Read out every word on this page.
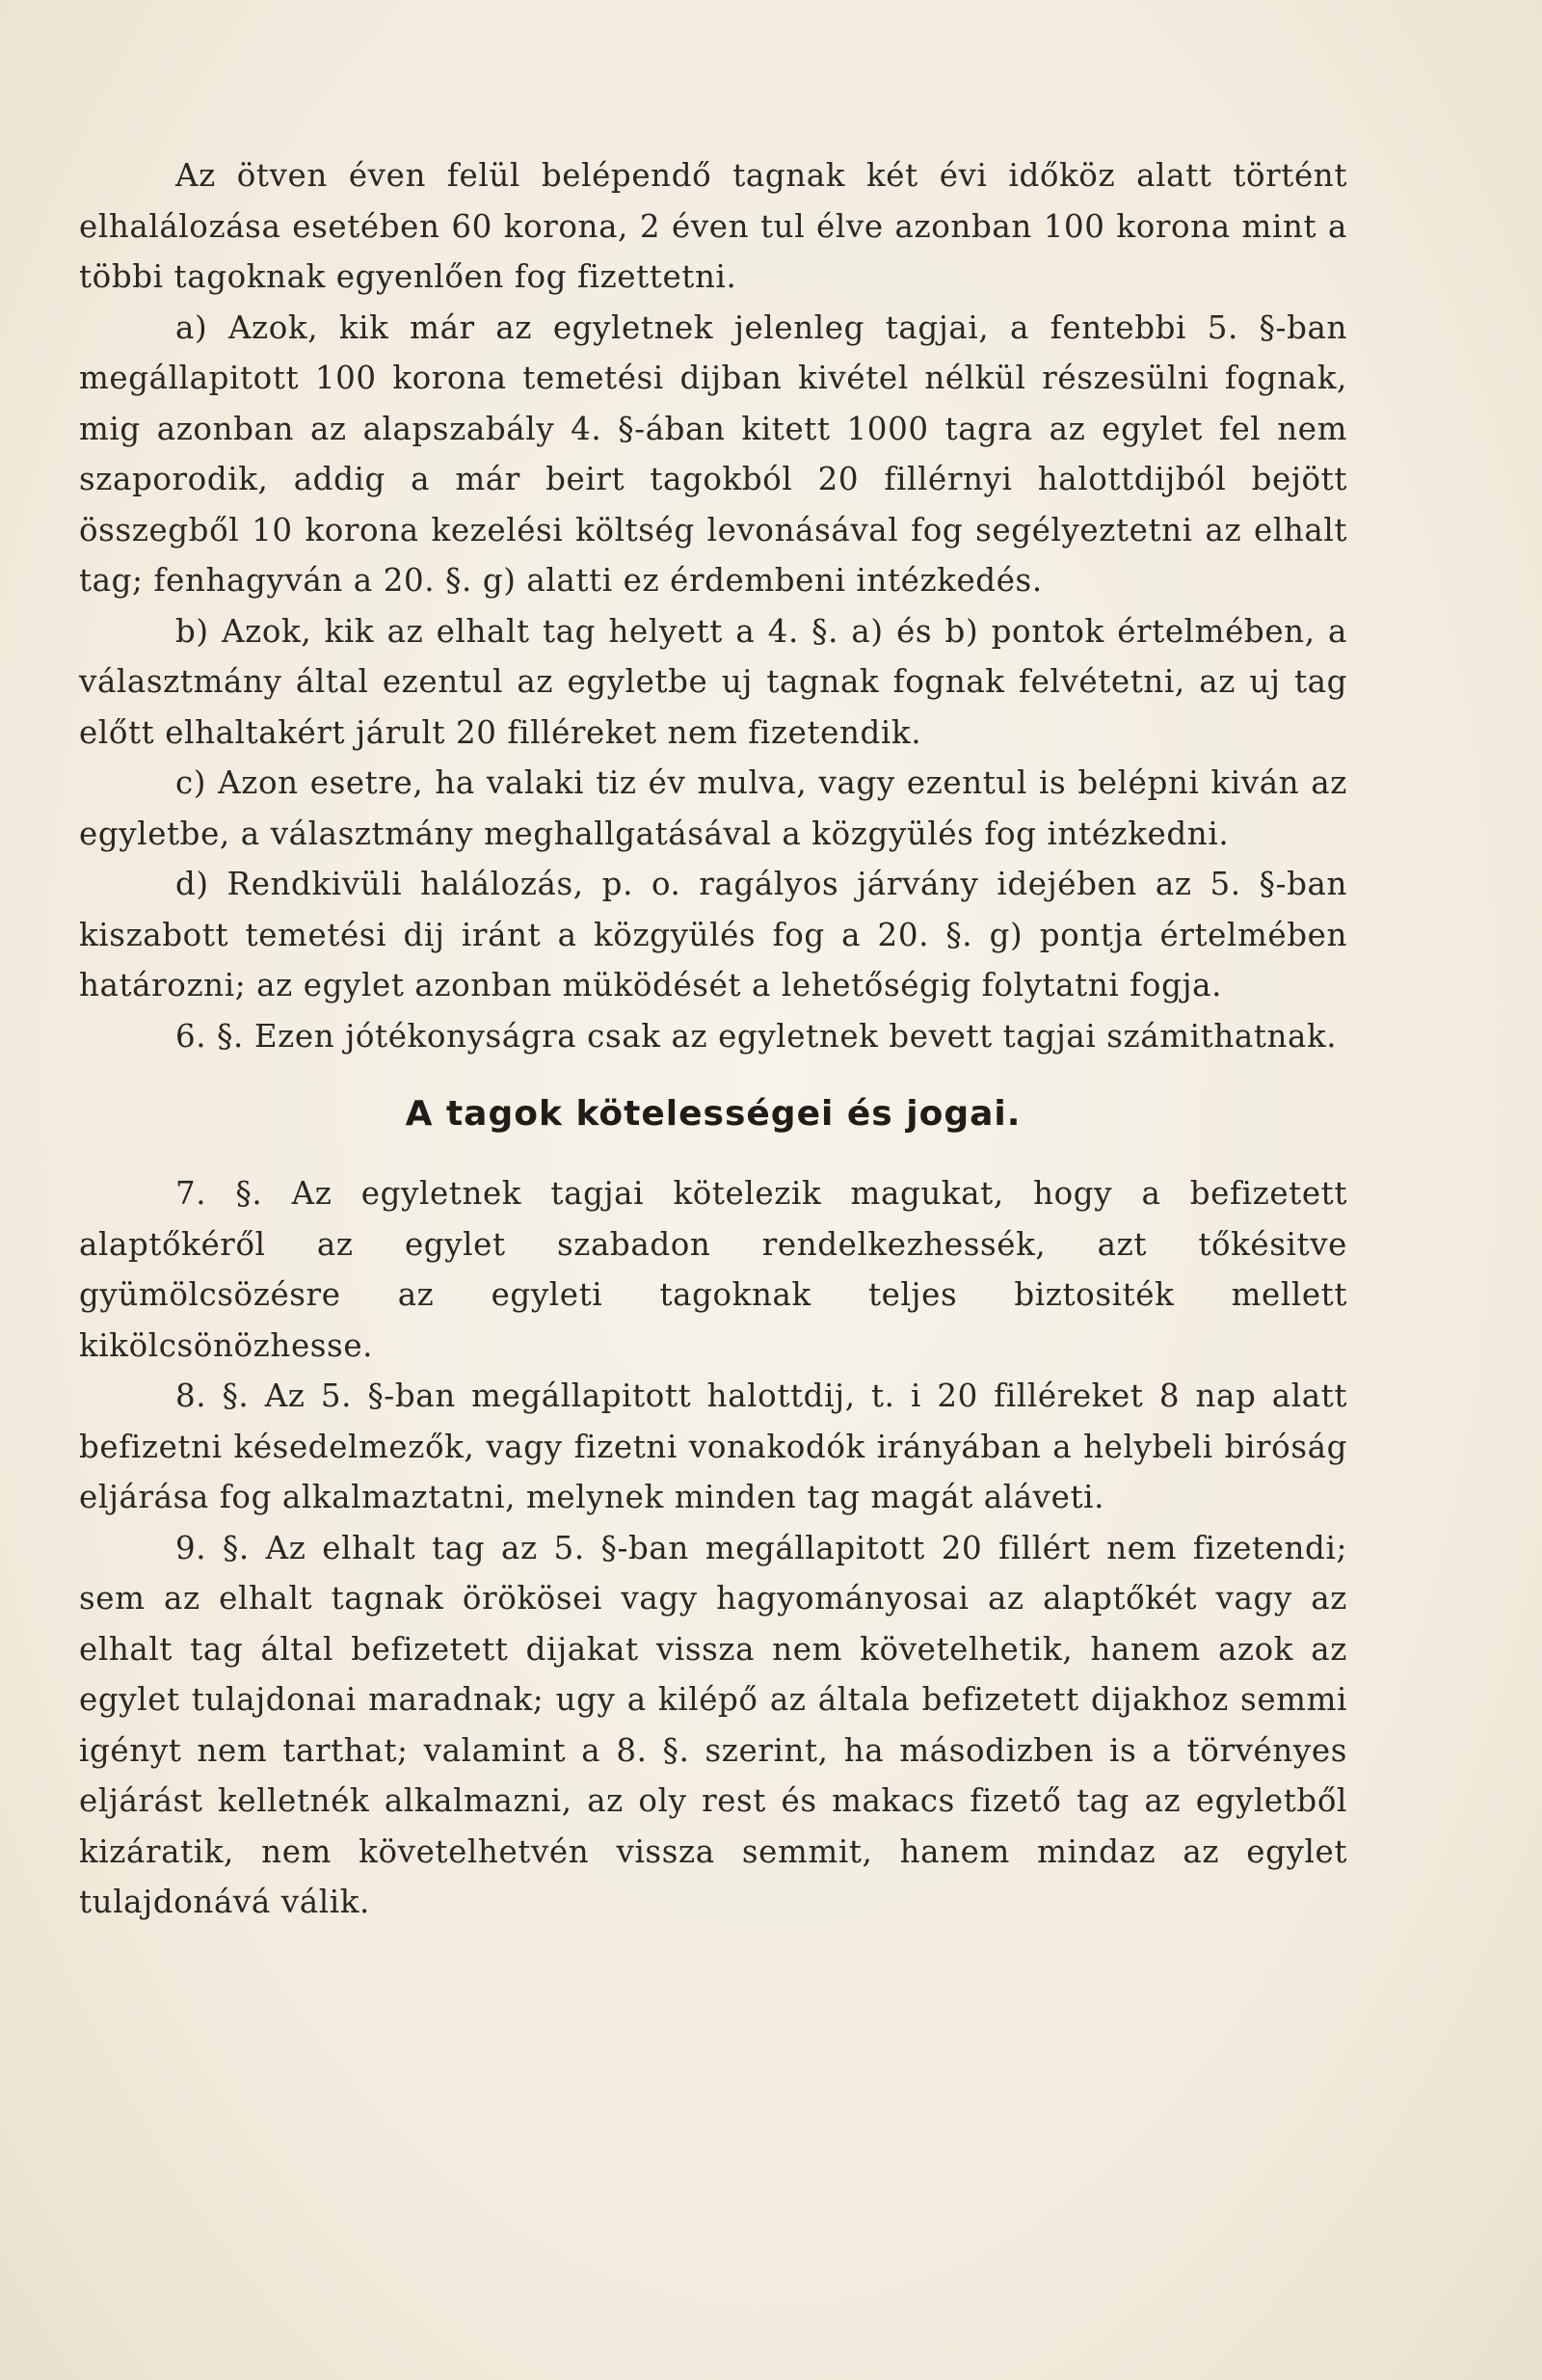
Az ötven éven felül belépendő tagnak két évi időköz alatt történt elhalálozása esetében 60 korona, 2 éven tul élve azonban 100 korona mint a többi tagoknak egyenlően fog fizettetni.

a) Azok, kik már az egyletnek jelenleg tagjai, a fentebbi 5. §-ban megállapitott 100 korona temetési dijban kivétel nélkül részesülni fognak, mig azonban az alapszabály 4. §-ában kitett 1000 tagra az egylet fel nem szaporodik, addig a már beirt tagokból 20 fillérnyi halottdijból bejött összegből 10 korona kezelési költség levonásával fog segélyeztetni az elhalt tag; fenhagyván a 20. §. g) alatti ez érdembeni intézkedés.

b) Azok, kik az elhalt tag helyett a 4. §. a) és b) pontok értelmében, a választmány által ezentul az egyletbe uj tagnak fognak felvétetni, az uj tag előtt elhaltakért járult 20 filléreket nem fizetendik.

c) Azon esetre, ha valaki tiz év mulva, vagy ezentul is belépni kiván az egyletbe, a választmány meghallgatásával a közgyülés fog intézkedni.

d) Rendkivüli halálozás, p. o. ragályos járvány idejében az 5. §-ban kiszabott temetési dij iránt a közgyülés fog a 20. §. g) pontja értelmében határozni; az egylet azonban müködését a lehetőségig folytatni fogja.

6. §. Ezen jótékonyságra csak az egyletnek bevett tagjai számithatnak.

A tagok kötelességei és jogai.

7. §. Az egyletnek tagjai kötelezik magukat, hogy a befizetett alaptőkéről az egylet szabadon rendelkezhessék, azt tőkésitve gyümölcsözésre az egyleti tagoknak teljes biztositék mellett kikölcsönözhesse.

8. §. Az 5. §-ban megállapitott halottdij, t. i 20 filléreket 8 nap alatt befizetni késedelmezők, vagy fizetni vonakodók irányában a helybeli biróság eljárása fog alkalmaztatni, melynek minden tag magát aláveti.

9. §. Az elhalt tag az 5. §-ban megállapitott 20 fillért nem fizetendi; sem az elhalt tagnak örökösei vagy hagyományosai az alaptőkét vagy az elhalt tag által befizetett dijakat vissza nem követelhetik, hanem azok az egylet tulajdonai maradnak; ugy a kilépő az általa befizetett dijakhoz semmi igényt nem tarthat; valamint a 8. §. szerint, ha másodizben is a törvényes eljárást kelletnék alkalmazni, az oly rest és makacs fizető tag az egyletből kizáratik, nem követelhetvén vissza semmit, hanem mindaz az egylet tulajdonává válik.
